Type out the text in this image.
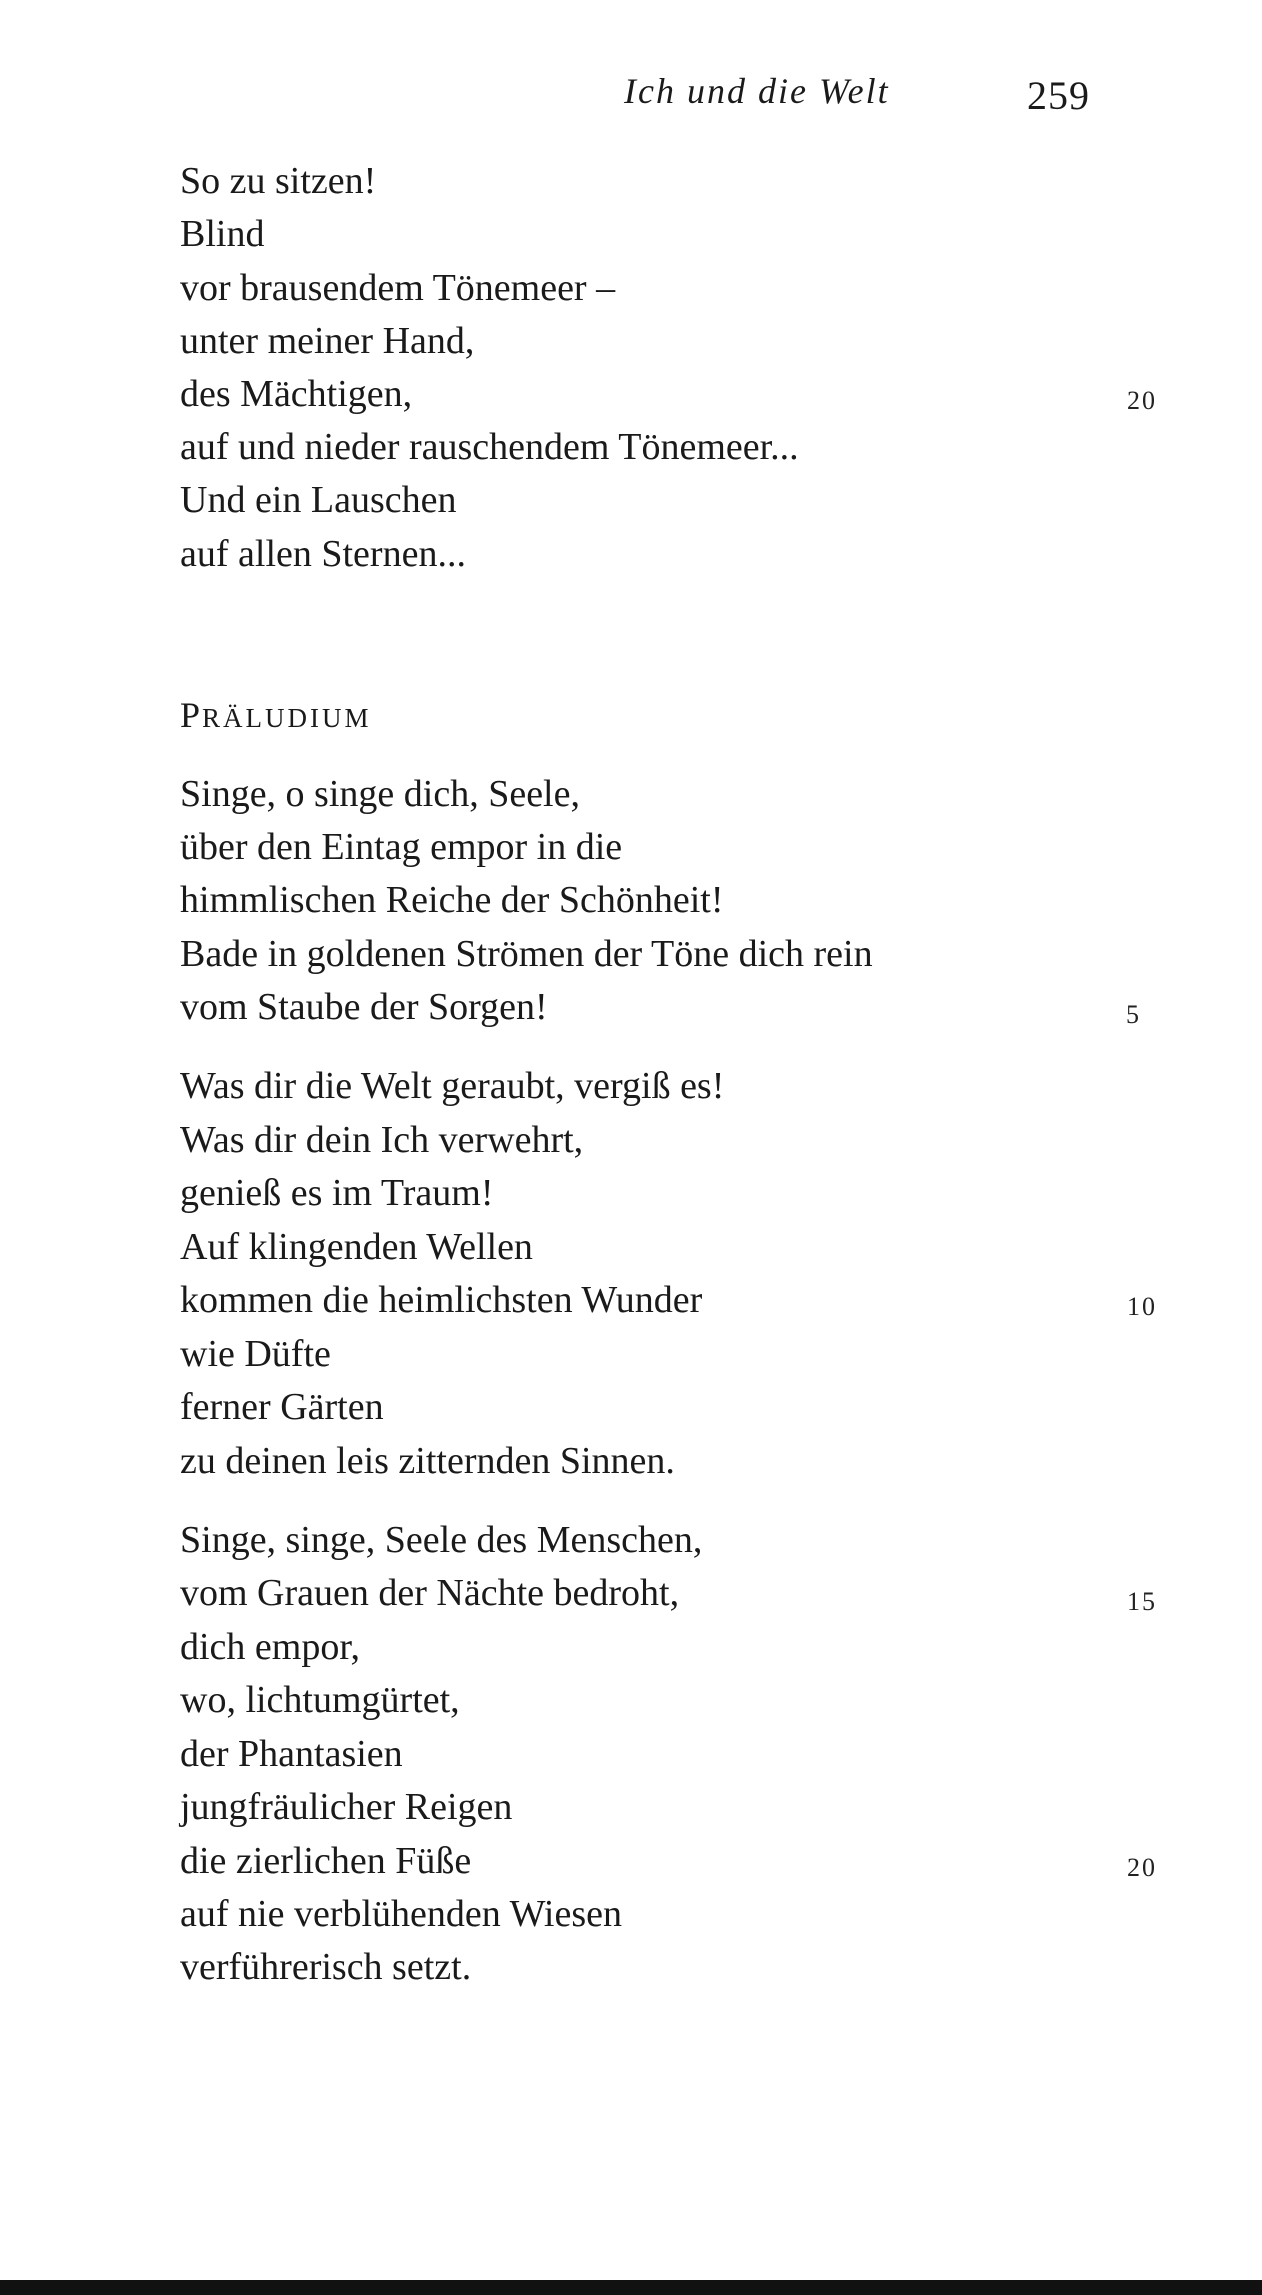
Ich und die Welt	259
So zu sitzen!
Blind
vor brausendem Tönemeer –
unter meiner Hand,
des Mächtigen,	20
auf und nieder rauschendem Tönemeer...
Und ein Lauschen
auf allen Sternen...
PRÄLUDIUM
Singe, o singe dich, Seele,
über den Eintag empor in die
himmlischen Reiche der Schönheit!
Bade in goldenen Strömen der Töne dich rein
vom Staube der Sorgen!	5
Was dir die Welt geraubt, vergiß es!
Was dir dein Ich verwehrt,
genieß es im Traum!
Auf klingenden Wellen
kommen die heimlichsten Wunder	10
wie Düfte
ferner Gärten
zu deinen leis zitternden Sinnen.
Singe, singe, Seele des Menschen,
vom Grauen der Nächte bedroht,	15
dich empor,
wo, lichtumgürtet,
der Phantasien
jungfräulicher Reigen
die zierlichen Füße	20
auf nie verblühenden Wiesen
verführerisch setzt.
